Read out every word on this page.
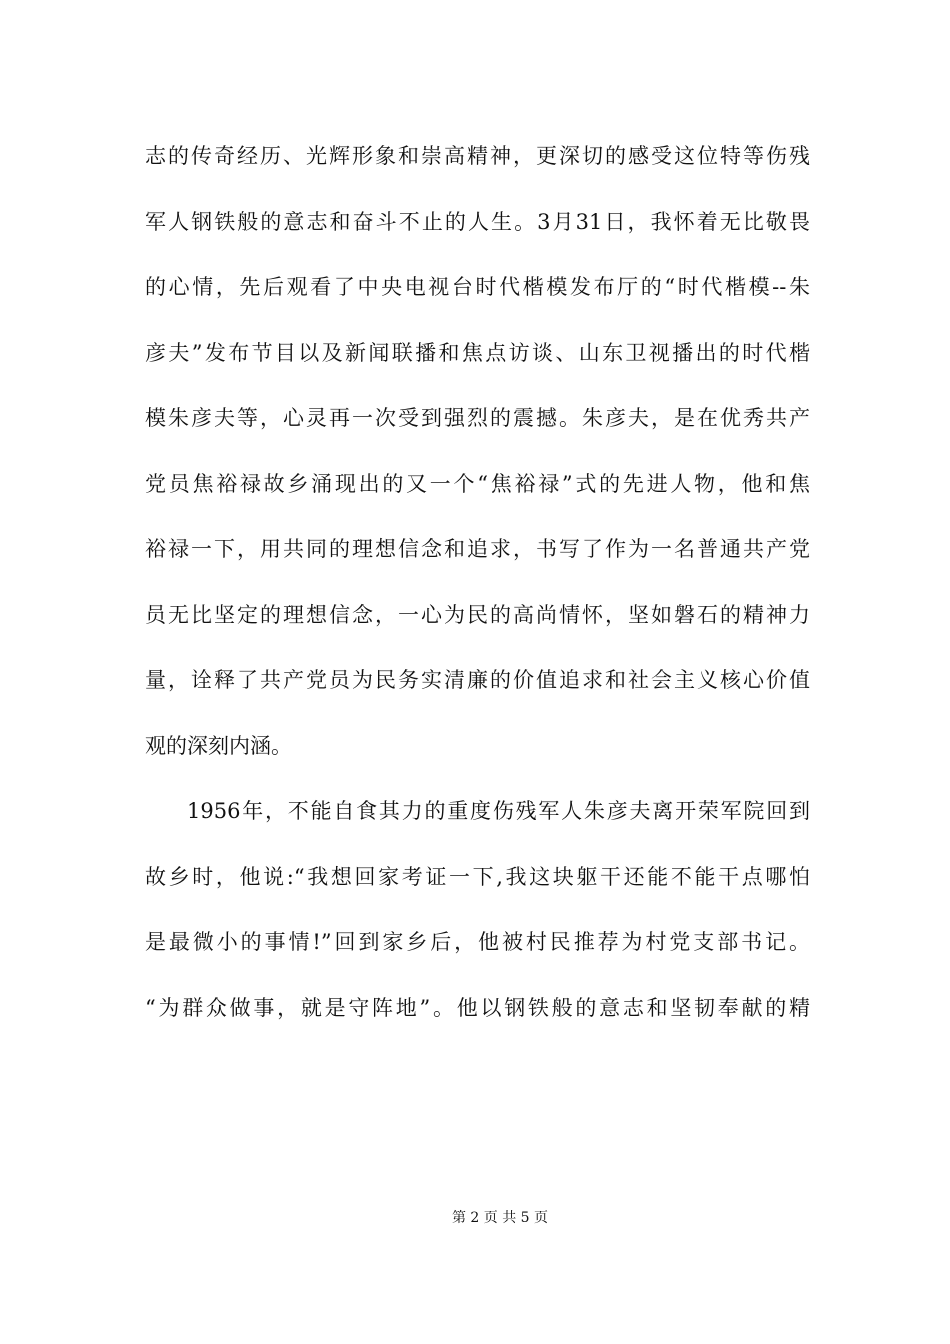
志的传奇经历、光辉形象和崇高精神，更深切的感受这位特等伤残
军人钢铁般的意志和奋斗不止的人生。3月31日，我怀着无比敬畏
的心情，先后观看了中央电视台时代楷模发布厅的“时代楷模--朱
彦夫”发布节目以及新闻联播和焦点访谈、山东卫视播出的时代楷
模朱彦夫等，心灵再一次受到强烈的震撼。朱彦夫，是在优秀共产
党员焦裕禄故乡涌现出的又一个“焦裕禄”式的先进人物，他和焦
裕禄一下，用共同的理想信念和追求，书写了作为一名普通共产党
员无比坚定的理想信念，一心为民的高尚情怀，坚如磐石的精神力
量，诠释了共产党员为民务实清廉的价值追求和社会主义核心价值
观的深刻内涵。
1956年，不能自食其力的重度伤残军人朱彦夫离开荣军院回到
故乡时，他说:“我想回家考证一下,我这块躯干还能不能干点哪怕
是最微小的事情!”回到家乡后，他被村民推荐为村党支部书记。
“为群众做事，就是守阵地”。他以钢铁般的意志和坚韧奉献的精
第 2 页 共 5 页
